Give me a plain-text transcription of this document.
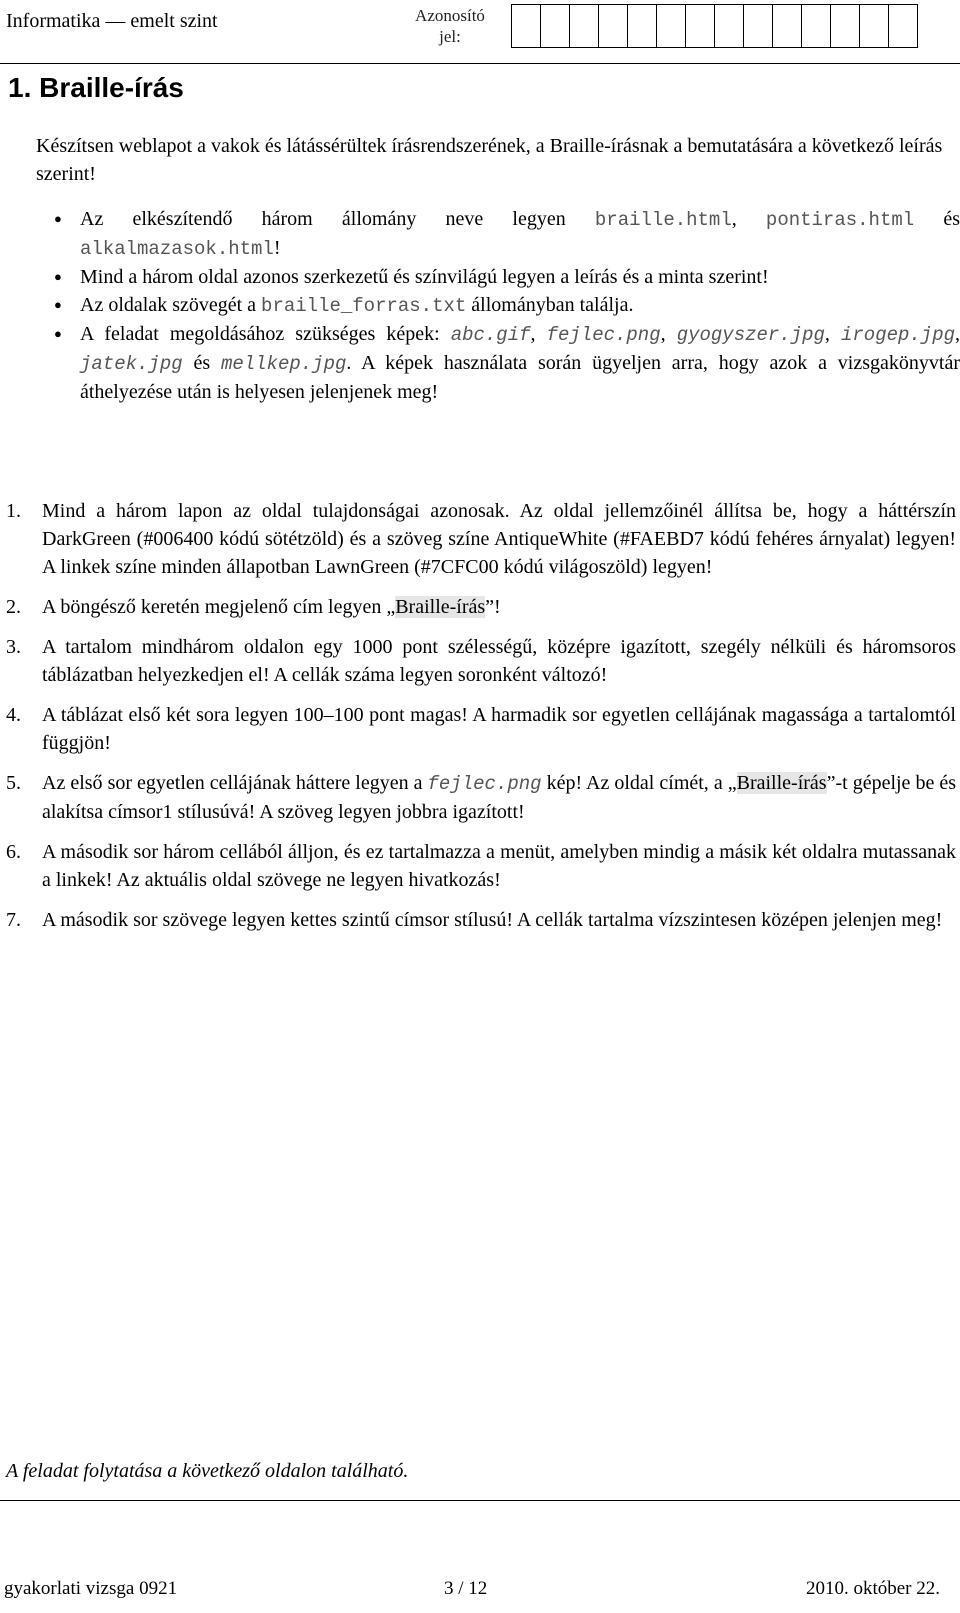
Informatika — emelt szint	Azonosító jel:
1. Braille-írás
Készítsen weblapot a vakok és látássérültek írásrendszerének, a Braille-írásnak a bemutatására a következő leírás szerint!
● Az elkészítendő három állomány neve legyen braille.html, pontiras.html és alkalmazasok.html!
● Mind a három oldal azonos szerkezetű és színvilágú legyen a leírás és a minta szerint!
● Az oldalak szövegét a braille_forras.txt állományban találja.
● A feladat megoldásához szükséges képek: abc.gif, fejlec.png, gyogyszer.jpg, irogep.jpg, jatek.jpg és mellkep.jpg. A képek használata során ügyeljen arra, hogy azok a vizsgakönyvtár áthelyezése után is helyesen jelenjenek meg!
1.	Mind a három lapon az oldal tulajdonságai azonosak. Az oldal jellemzőinél állítsa be, hogy a háttérszín DarkGreen (#006400 kódú sötétzöld) és a szöveg színe AntiqueWhite (#FAEBD7 kódú fehéres árnyalat) legyen! A linkek színe minden állapotban LawnGreen (#7CFC00 kódú világoszöld) legyen!
2.	A böngésző keretén megjelenő cím legyen „Braille-írás”!
3.	A tartalom mindhárom oldalon egy 1000 pont szélességű, középre igazított, szegély nélküli és háromsoros táblázatban helyezkedjen el! A cellák száma legyen soronként változó!
4.	A táblázat első két sora legyen 100–100 pont magas! A harmadik sor egyetlen cellájának magassága a tartalomtól függjön!
5.	Az első sor egyetlen cellájának háttere legyen a fejlec.png kép! Az oldal címét, a „Braille-írás”-t gépelje be és alakítsa címsor1 stílusúvá! A szöveg legyen jobbra igazított!
6.	A második sor három cellából álljon, és ez tartalmazza a menüt, amelyben mindig a másik két oldalra mutassanak a linkek! Az aktuális oldal szövege ne legyen hivatkozás!
7.	A második sor szövege legyen kettes szintű címsor stílusú! A cellák tartalma vízszintesen középen jelenjen meg!
A feladat folytatása a következő oldalon található.
gyakorlati vizsga 0921	3 / 12	2010. október 22.
